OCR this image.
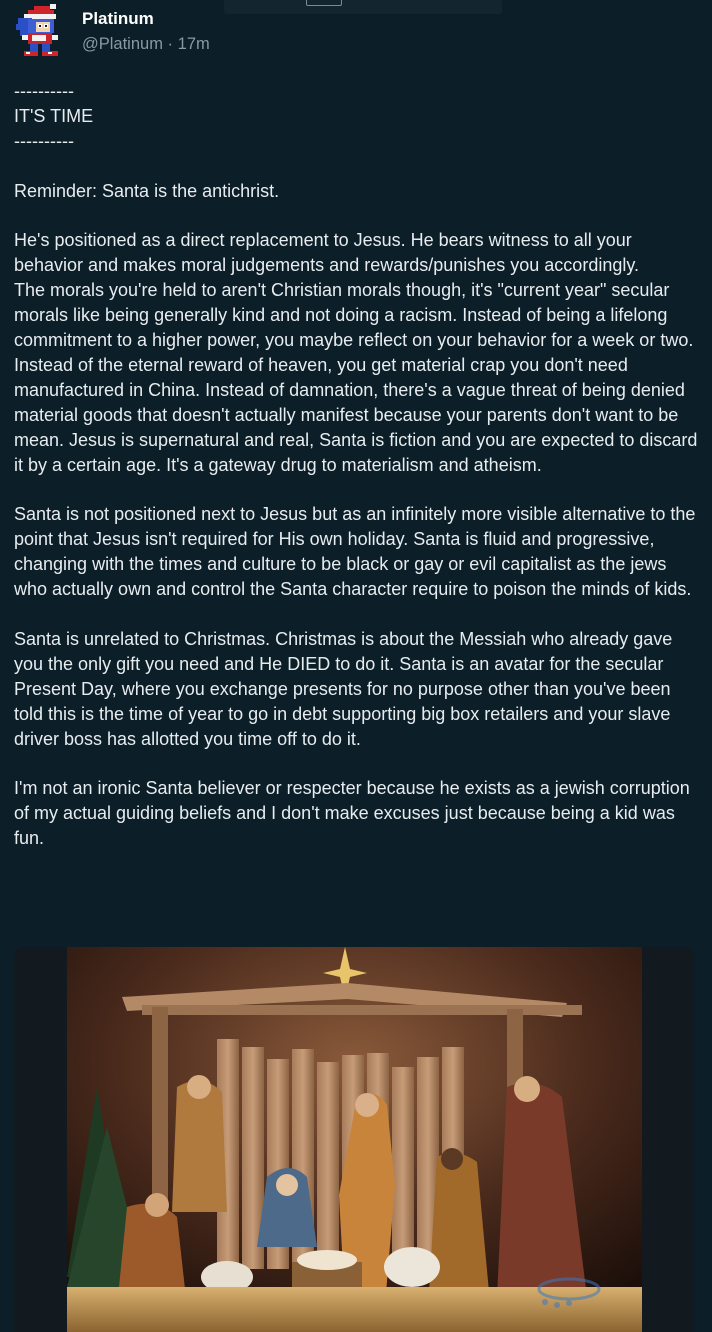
Platinum
@Platinum · 17m

----------
IT'S TIME
----------

Reminder: Santa is the antichrist.

He's positioned as a direct replacement to Jesus. He bears witness to all your behavior and makes moral judgements and rewards/punishes you accordingly.
The morals you're held to aren't Christian morals though, it's "current year" secular morals like being generally kind and not doing a racism. Instead of being a lifelong commitment to a higher power, you maybe reflect on your behavior for a week or two. Instead of the eternal reward of heaven, you get material crap you don't need manufactured in China. Instead of damnation, there's a vague threat of being denied material goods that doesn't actually manifest because your parents don't want to be mean. Jesus is supernatural and real, Santa is fiction and you are expected to discard it by a certain age. It's a gateway drug to materialism and atheism.

Santa is not positioned next to Jesus but as an infinitely more visible alternative to the point that Jesus isn't required for His own holiday. Santa is fluid and progressive, changing with the times and culture to be black or gay or evil capitalist as the jews who actually own and control the Santa character require to poison the minds of kids.

Santa is unrelated to Christmas. Christmas is about the Messiah who already gave you the only gift you need and He DIED to do it. Santa is an avatar for the secular Present Day, where you exchange presents for no purpose other than you've been told this is the time of year to go in debt supporting big box retailers and your slave driver boss has allotted you time off to do it.

I'm not an ironic Santa believer or respecter because he exists as a jewish corruption of my actual guiding beliefs and I don't make excuses just because being a kid was fun.
